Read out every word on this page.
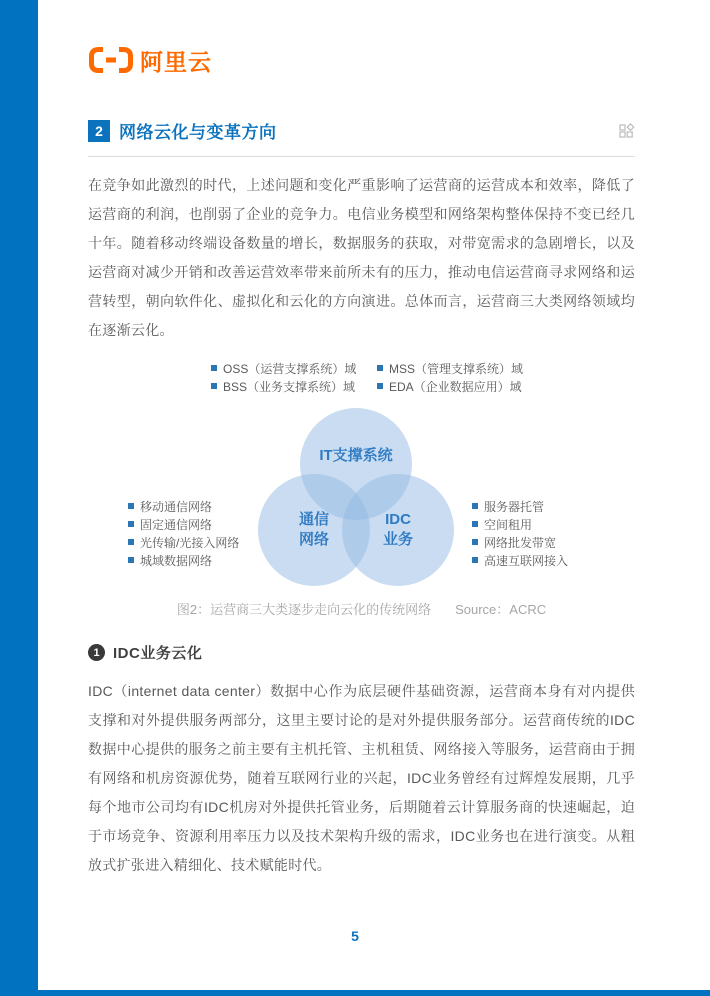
阿里云
2 网络云化与变革方向

在竞争如此激烈的时代，上述问题和变化严重影响了运营商的运营成本和效率，降低了运营商的利润，也削弱了企业的竞争力。电信业务模型和网络架构整体保持不变已经几十年。随着移动终端设备数量的增长，数据服务的获取，对带宽需求的急剧增长，以及运营商对减少开销和改善运营效率带来前所未有的压力，推动电信运营商寻求网络和运营转型，朝向软件化、虚拟化和云化的方向演进。总体而言，运营商三大类网络领域均在逐渐云化。

OSS（运营支撑系统）域
BSS（业务支撑系统）域
MSS（管理支撑系统）域
EDA（企业数据应用）域
IT支撑系统
通信
网络
IDC
业务
移动通信网络
固定通信网络
光传输/光接入网络
城域数据网络
服务器托管
空间租用
网络批发带宽
高速互联网接入
图2：运营商三大类逐步走向云化的传统网络 Source：ACRC
1 IDC业务云化

IDC（internet data center）数据中心作为底层硬件基础资源，运营商本身有对内提供支撑和对外提供服务两部分，这里主要讨论的是对外提供服务部分。运营商传统的IDC数据中心提供的服务之前主要有主机托管、主机租赁、网络接入等服务，运营商由于拥有网络和机房资源优势，随着互联网行业的兴起，IDC业务曾经有过辉煌发展期，几乎每个地市公司均有IDC机房对外提供托管业务，后期随着云计算服务商的快速崛起，迫于市场竞争、资源利用率压力以及技术架构升级的需求，IDC业务也在进行演变。从粗放式扩张进入精细化、技术赋能时代。

5
